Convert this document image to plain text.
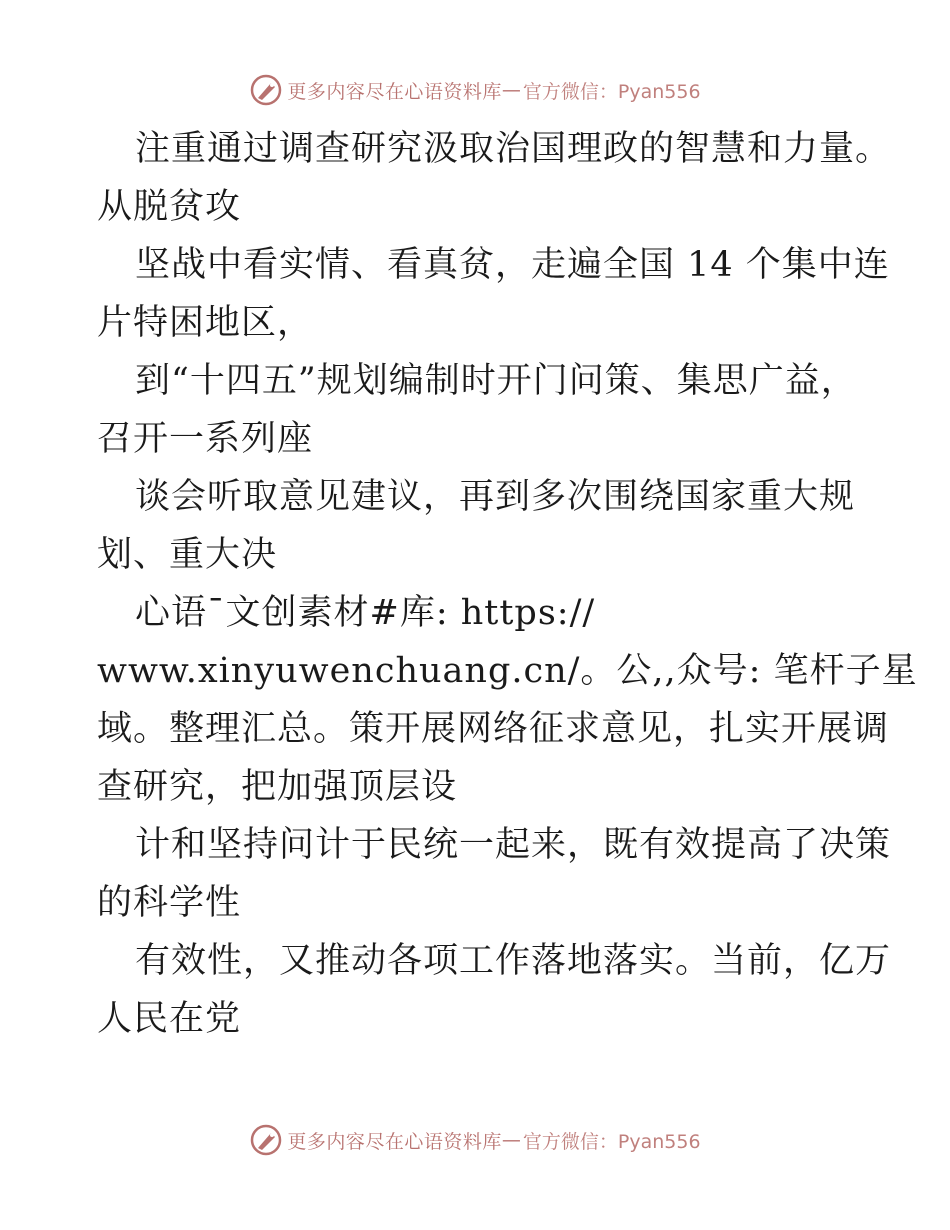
更多内容尽在心语资料库 — 官方微信：Pyan556
注重通过调查研究汲取治国理政的智慧和力量。
从脱贫攻
坚战中看实情、看真贫，走遍全国 14 个集中连
片特困地区，
到“十四五”规划编制时开门问策、集思广益，
召开一系列座
谈会听取意见建议，再到多次围绕国家重大规
划、重大决
心语¯文创素材#库: https://
www.xinyuwenchuang.cn/。公,,众号: 笔杆子星
域。整理汇总。策开展网络征求意见，扎实开展调
查研究，把加强顶层设
计和坚持问计于民统一起来，既有效提高了决策
的科学性
有效性，又推动各项工作落地落实。当前，亿万
人民在党
更多内容尽在心语资料库 — 官方微信：Pyan556
